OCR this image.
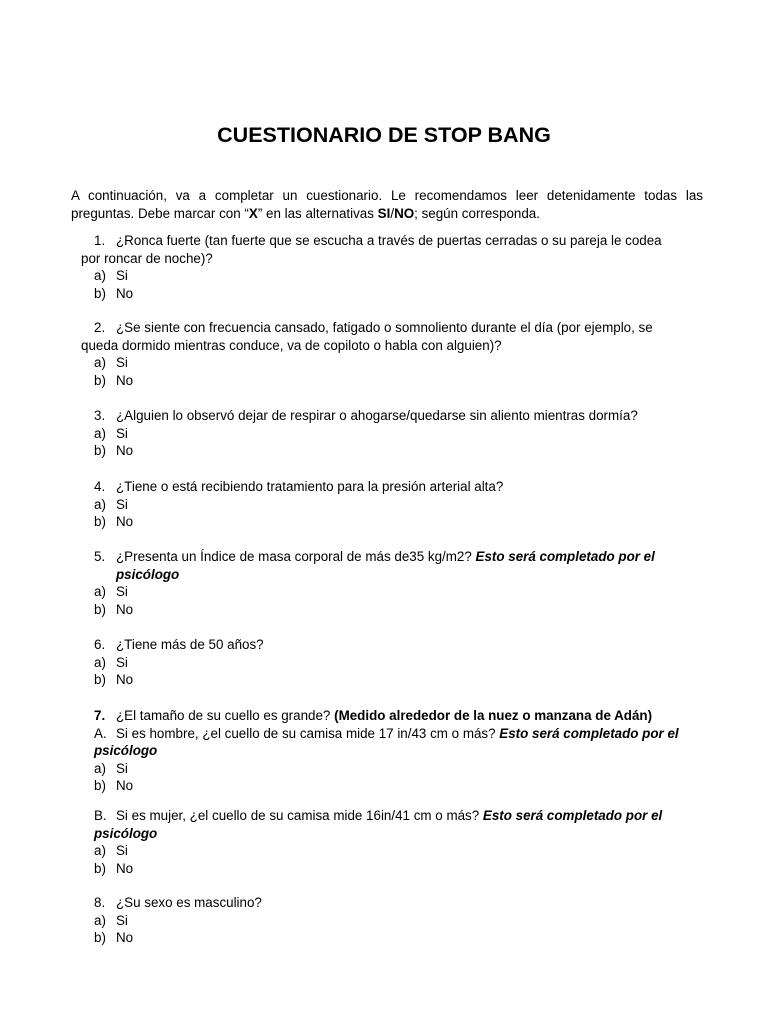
CUESTIONARIO DE STOP BANG
A continuación, va a completar un cuestionario. Le recomendamos leer detenidamente todas las preguntas. Debe marcar con “X” en las alternativas SI/NO; según corresponda.
1. ¿Ronca fuerte (tan fuerte que se escucha a través de puertas cerradas o su pareja le codea
por roncar de noche)?
a) Si
b) No
2. ¿Se siente con frecuencia cansado, fatigado o somnoliento durante el día (por ejemplo, se
queda dormido mientras conduce, va de copiloto o habla con alguien)?
a) Si
b) No
3. ¿Alguien lo observó dejar de respirar o ahogarse/quedarse sin aliento mientras dormía?
a) Si
b) No
4. ¿Tiene o está recibiendo tratamiento para la presión arterial alta?
a) Si
b) No
5. ¿Presenta un Índice de masa corporal de más de35 kg/m2? Esto será completado por el
psicólogo
a) Si
b) No
6. ¿Tiene más de 50 años?
a) Si
b) No
7. ¿El tamaño de su cuello es grande? (Medido alrededor de la nuez o manzana de Adán)
A. Si es hombre, ¿el cuello de su camisa mide 17 in/43 cm o más? Esto será completado por el
psicólogo
a) Si
b) No
B. Si es mujer, ¿el cuello de su camisa mide 16in/41 cm o más? Esto será completado por el
psicólogo
a) Si
b) No
8. ¿Su sexo es masculino?
a) Si
b) No
